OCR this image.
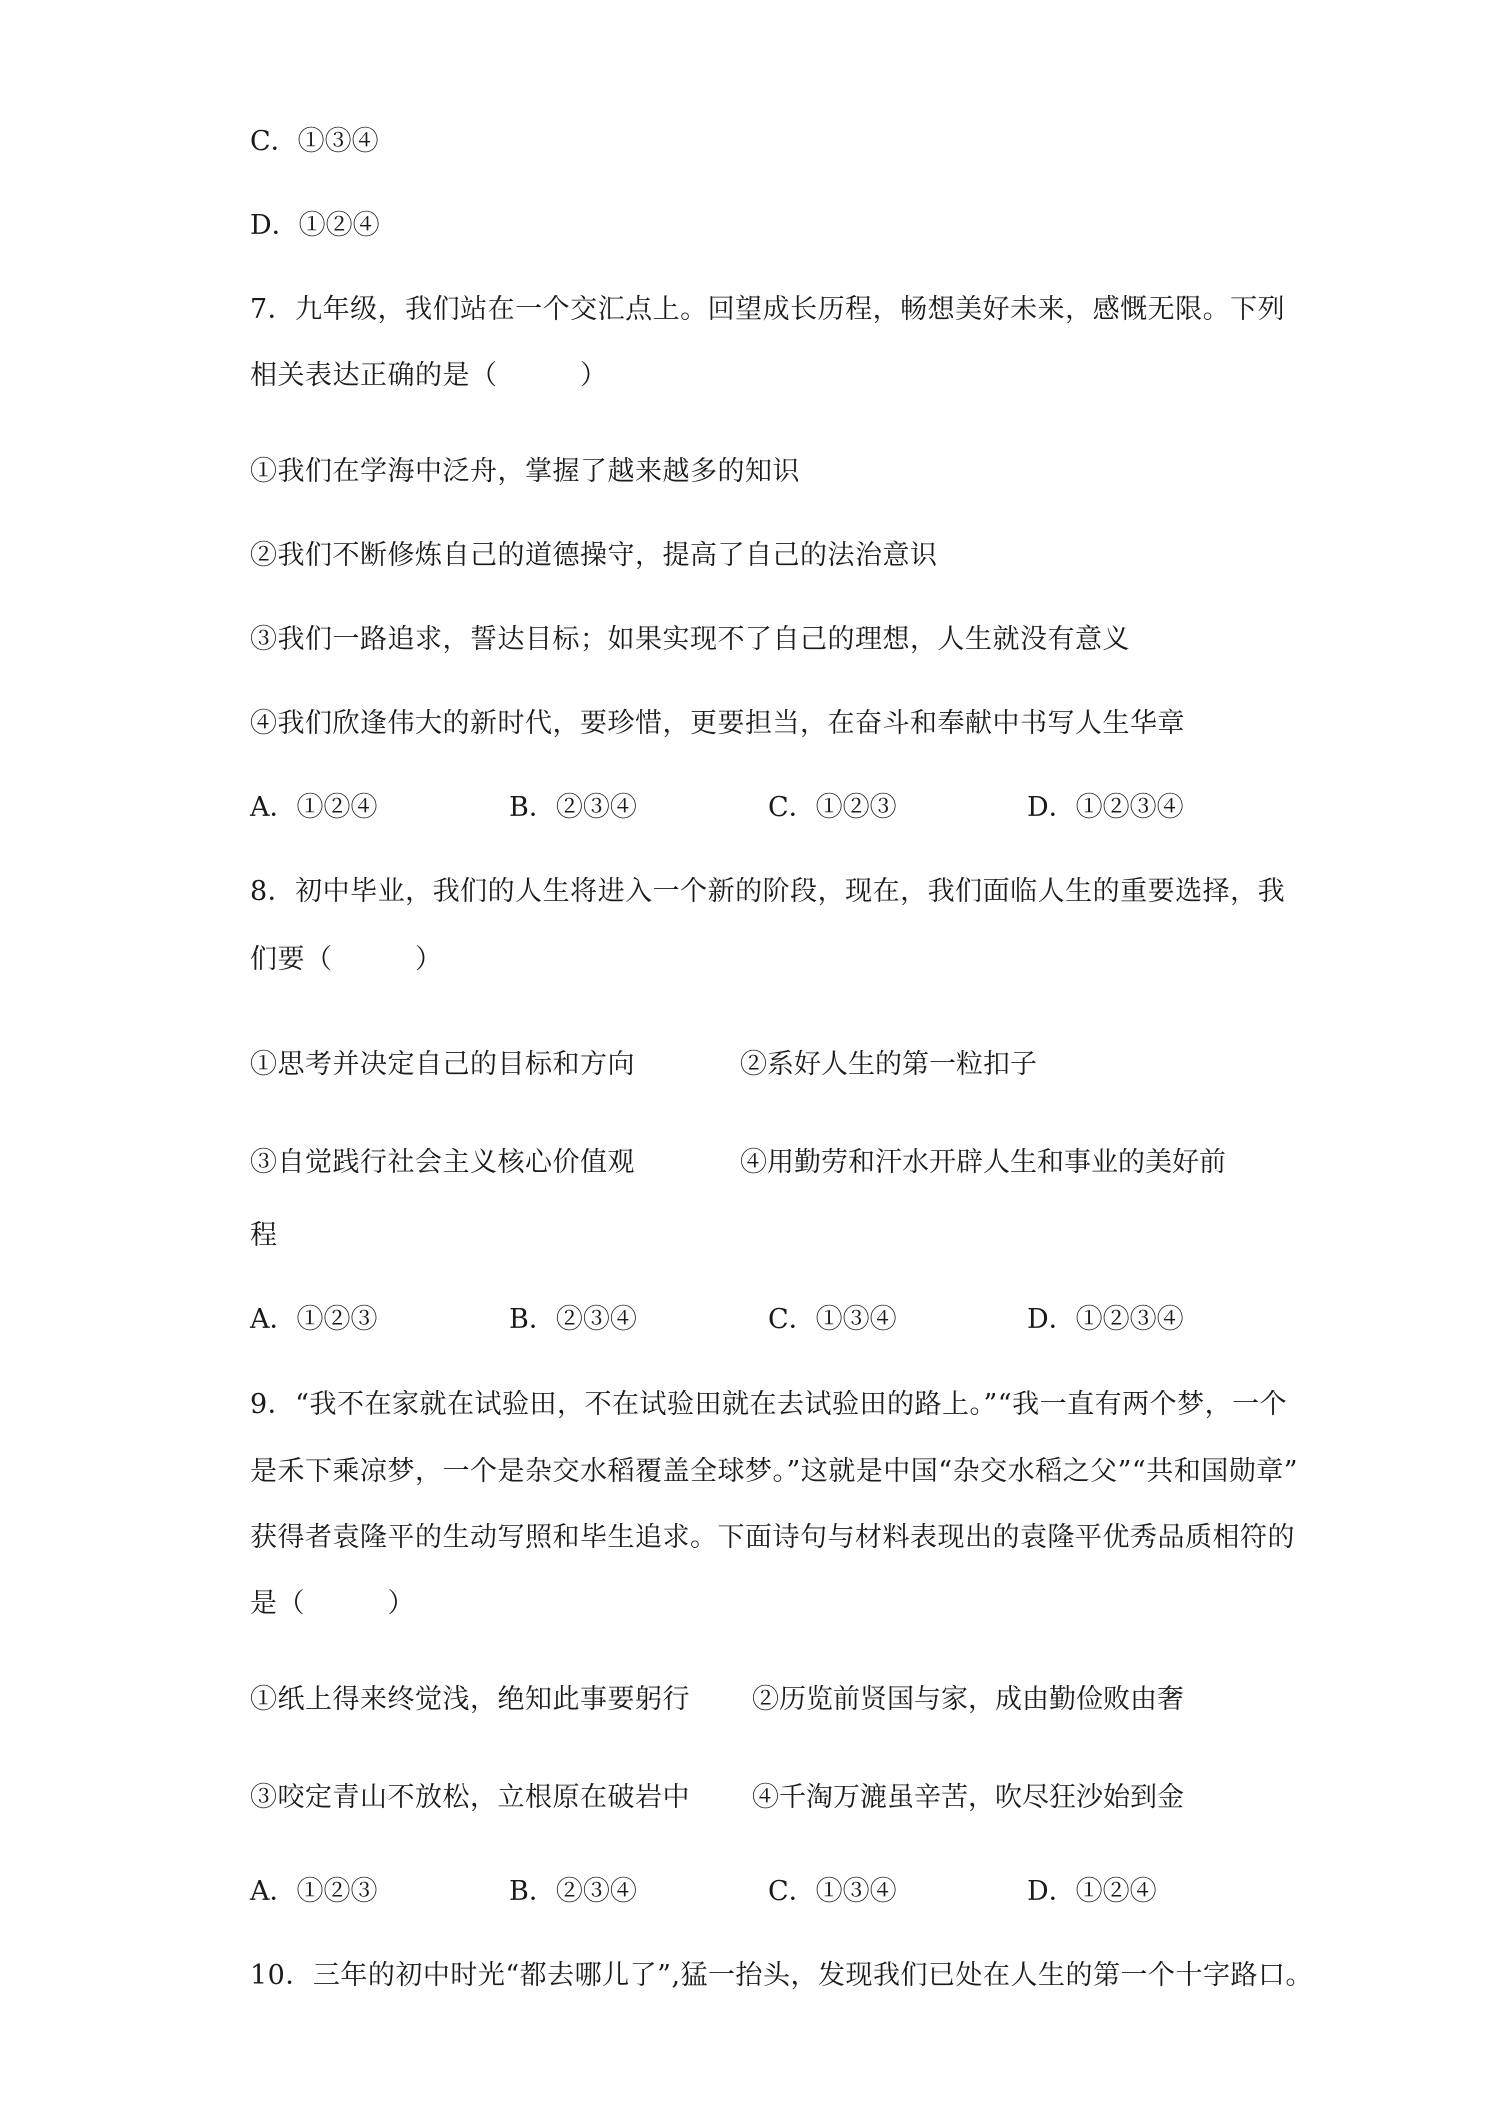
C．①③④
D．①②④
7．九年级，我们站在一个交汇点上。回望成长历程，畅想美好未来，感慨无限。下列
相关表达正确的是（　　　）
①我们在学海中泛舟，掌握了越来越多的知识
②我们不断修炼自己的道德操守，提高了自己的法治意识
③我们一路追求，誓达目标；如果实现不了自己的理想，人生就没有意义
④我们欣逢伟大的新时代，要珍惜，更要担当，在奋斗和奉献中书写人生华章
A．①②④	B．②③④	C．①②③	D．①②③④
8．初中毕业，我们的人生将进入一个新的阶段，现在，我们面临人生的重要选择，我
们要（　　　）
①思考并决定自己的目标和方向	②系好人生的第一粒扣子
③自觉践行社会主义核心价值观	④用勤劳和汗水开辟人生和事业的美好前
程
A．①②③	B．②③④	C．①③④	D．①②③④
9．“我不在家就在试验田，不在试验田就在去试验田的路上。”“我一直有两个梦，一个
是禾下乘凉梦，一个是杂交水稻覆盖全球梦。”这就是中国“杂交水稻之父”“共和国勋章”
获得者袁隆平的生动写照和毕生追求。下面诗句与材料表现出的袁隆平优秀品质相符的
是（　　　）
①纸上得来终觉浅，绝知此事要躬行 ②历览前贤国与家，成由勤俭败由奢
③咬定青山不放松，立根原在破岩中 ④千淘万漉虽辛苦，吹尽狂沙始到金
A．①②③	B．②③④	C．①③④	D．①②④
10．三年的初中时光“都去哪儿了”,猛一抬头，发现我们已处在人生的第一个十字路口。
